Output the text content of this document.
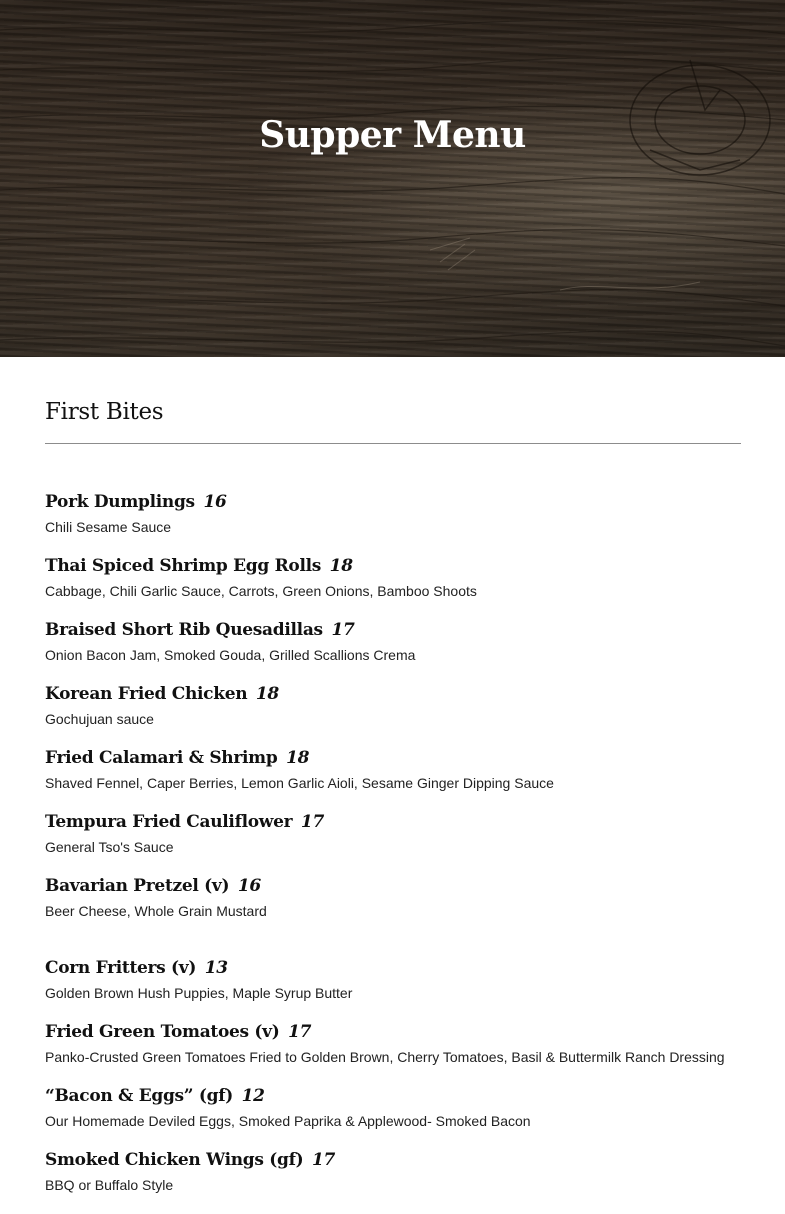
Supper Menu
First Bites

Pork Dumplings 16

Chili Sesame Sauce

Thai Spiced Shrimp Egg Rolls 18

Cabbage, Chili Garlic Sauce, Carrots, Green Onions, Bamboo Shoots

Braised Short Rib Quesadillas 17

Onion Bacon Jam, Smoked Gouda, Grilled Scallions Crema

Korean Fried Chicken 18

Gochujuan sauce

Fried Calamari & Shrimp 18

Shaved Fennel, Caper Berries, Lemon Garlic Aioli, Sesame Ginger Dipping Sauce

Tempura Fried Cauliflower 17

General Tso's Sauce

Bavarian Pretzel (v) 16

Beer Cheese, Whole Grain Mustard

Corn Fritters (v) 13

Golden Brown Hush Puppies, Maple Syrup Butter

Fried Green Tomatoes (v) 17

Panko-Crusted Green Tomatoes Fried to Golden Brown, Cherry Tomatoes, Basil & Buttermilk Ranch Dressing

“Bacon & Eggs” (gf) 12

Our Homemade Deviled Eggs, Smoked Paprika & Applewood- Smoked Bacon

Smoked Chicken Wings (gf) 17

BBQ or Buffalo Style
